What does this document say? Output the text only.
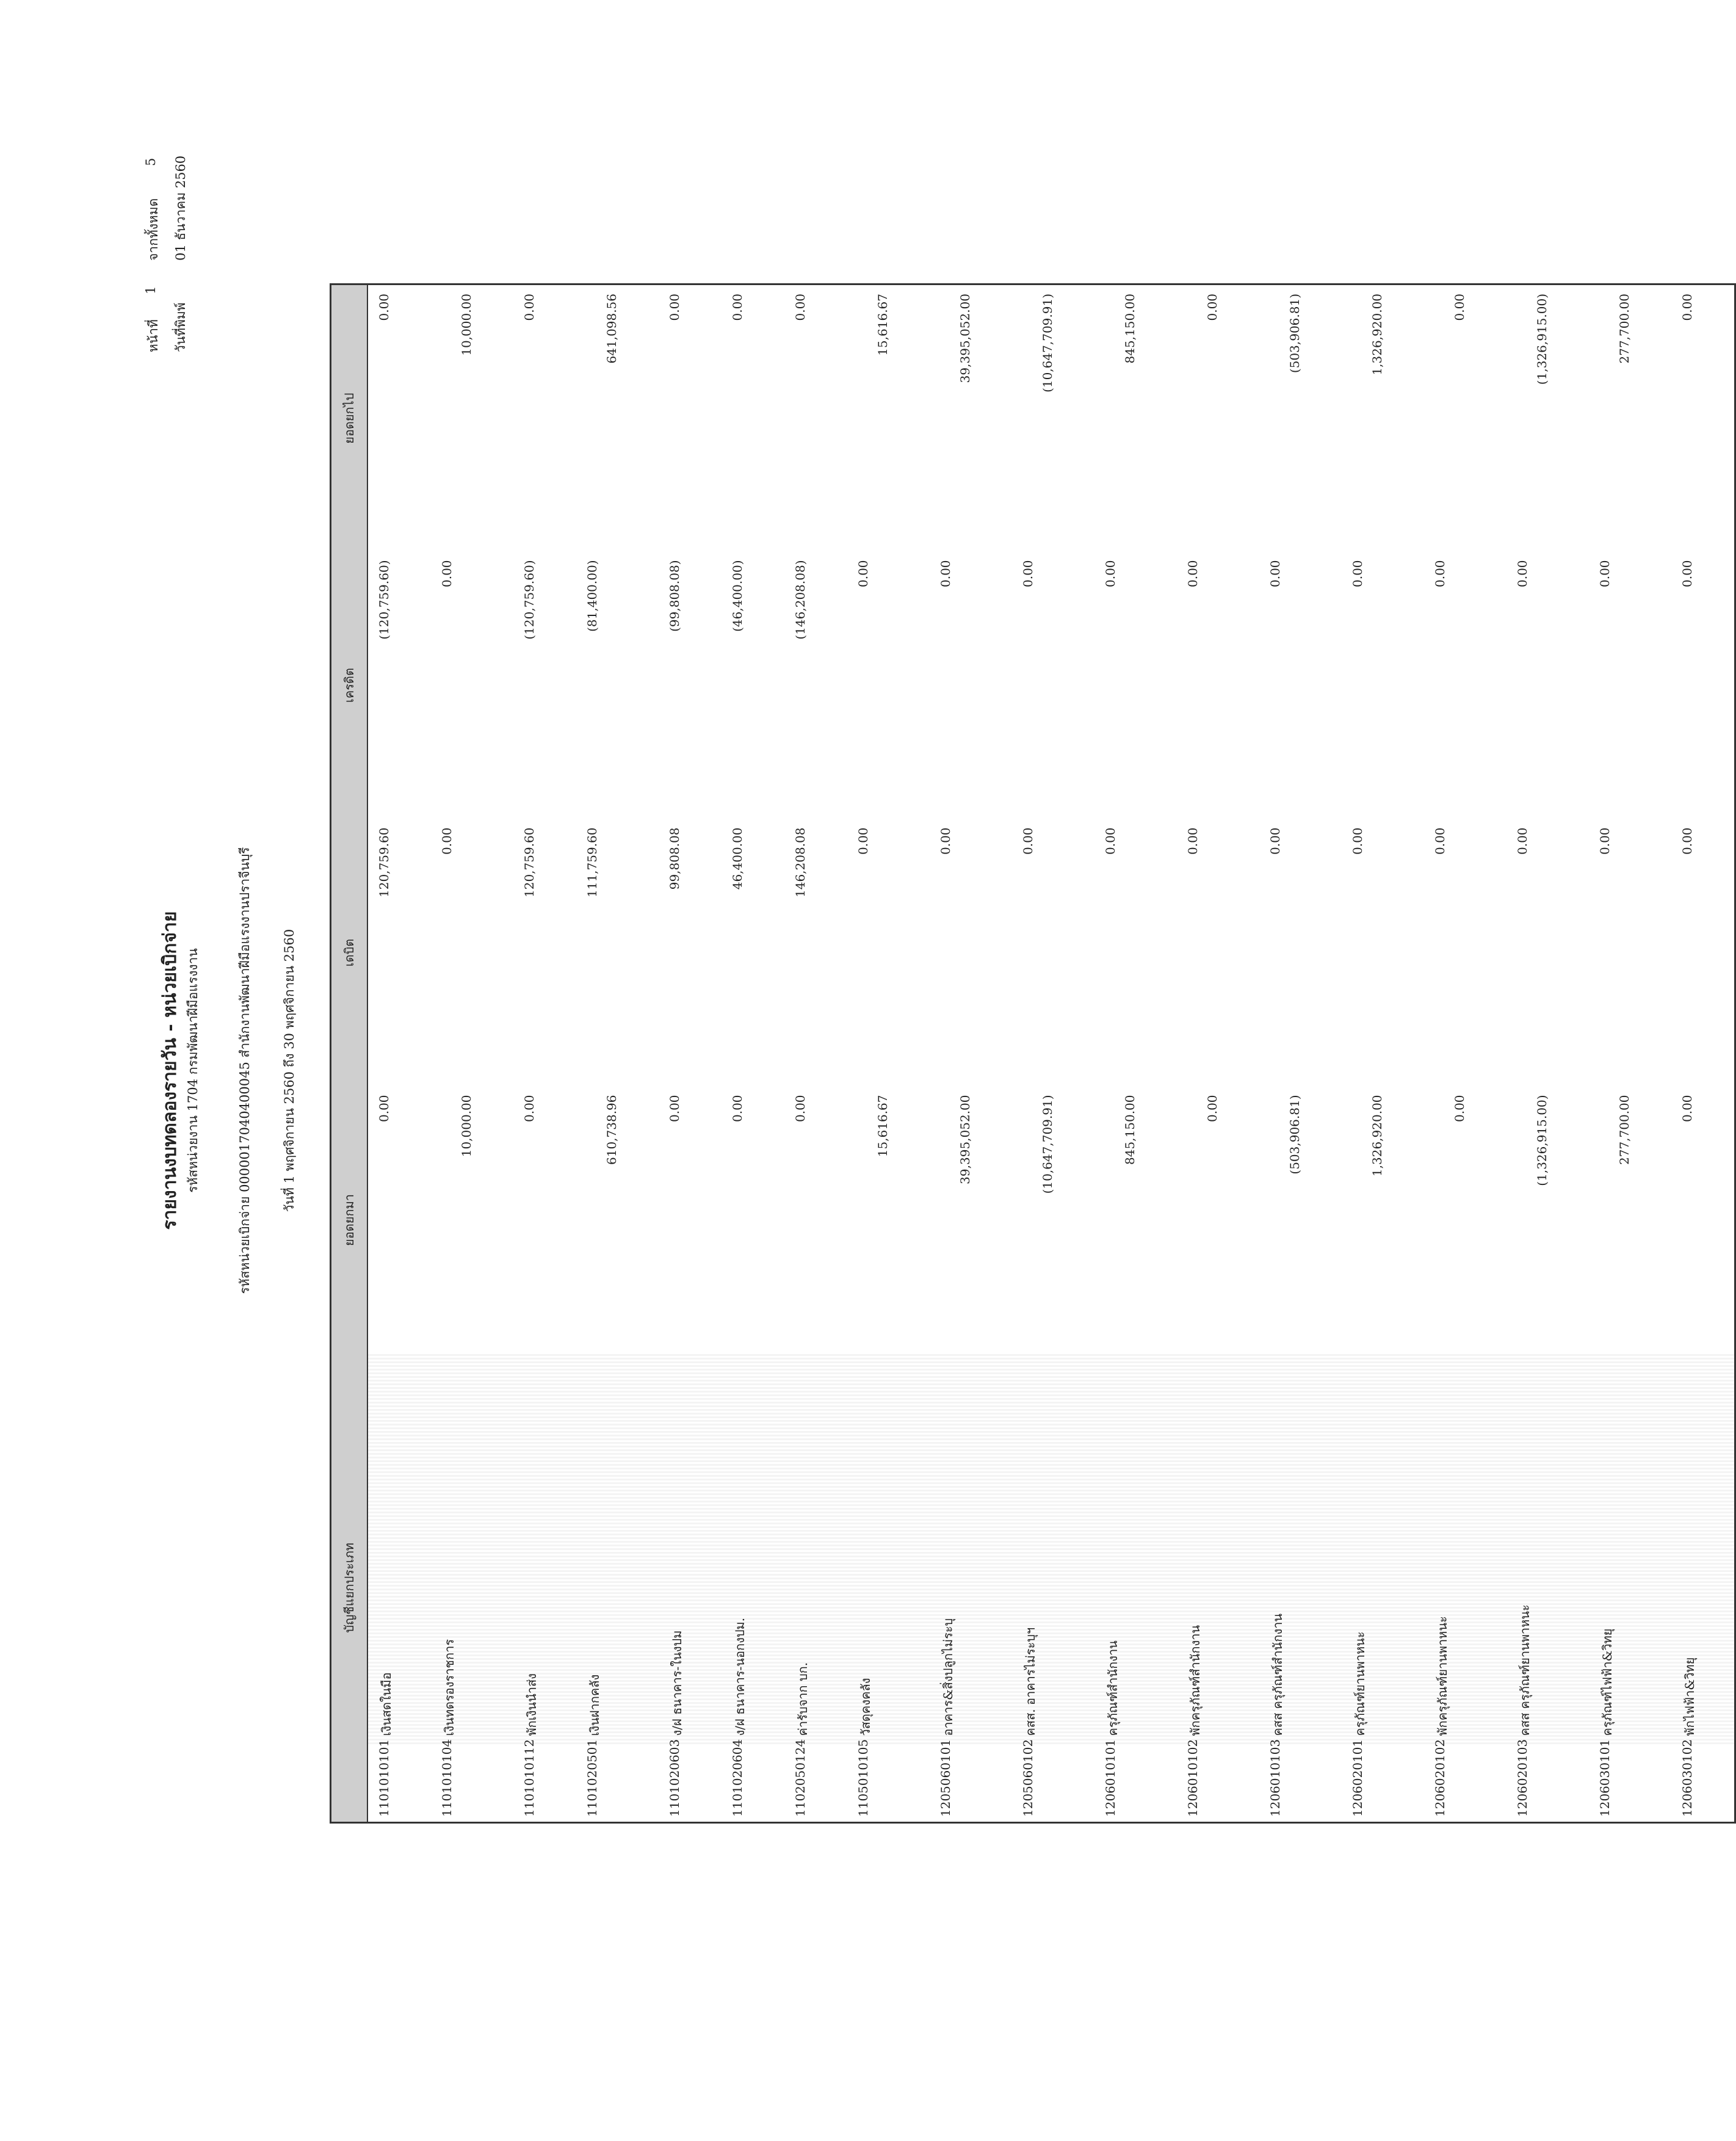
รายงานงบทดลองรายวัน - หน่วยเบิกจ่าย รหัสหน่วยงาน 1704 กรมพัฒนาฝีมือแรงงาน	รหัสหน่วยเบิกจ่าย 0000017040400045 สำนักงานพัฒนาฝีมือแรงงานปราจีนบุรี วันที่ 1 พฤศจิกายน 2560 ถึง 30 พฤศจิกายน 2560
หน้าที่
1
จากทั้งหมด
5
วันที่พิมพ์
01 ธันวาคม 2560
บัญชีแยกประเภท		ยอดยกมา	เดบิต	เครดิต	ยอดยกไป
1101010101	เงินสดในมือ	0.00	120,759.60	(120,759.60)	0.00
1101010104	เงินทดรองราชการ	10,000.00	0.00	0.00	10,000.00
1101010112	พักเงินนำส่ง	0.00	120,759.60	(120,759.60)	0.00
1101020501	เงินฝากคลัง	610,738.96	111,759.60	(81,400.00)	641,098.56
1101020603	ง/ฝ ธนาคาร-ในงปม	0.00	99,808.08	(99,808.08)	0.00
1101020604	ง/ฝ ธนาคาร-นอกงปม.	0.00	46,400.00	(46,400.00)	0.00
1102050124	ค่ารับจาก บก.	0.00	146,208.08	(146,208.08)	0.00
1105010105	วัสดุคงคลัง	15,616.67	0.00	0.00	15,616.67
1205060101	อาคาร&สิ่งปลูกไม่ระบุ	39,395,052.00	0.00	0.00	39,395,052.00
1205060102	คสส. อาคารไม่ระบุฯ	(10,647,709.91)	0.00	0.00	(10,647,709.91)
1206010101	ครุภัณฑ์สำนักงาน	845,150.00	0.00	0.00	845,150.00
1206010102	พักครุภัณฑ์สำนักงาน	0.00	0.00	0.00	0.00
1206010103	คสส ครุภัณฑ์สำนักงาน	(503,906.81)	0.00	0.00	(503,906.81)
1206020101	ครุภัณฑ์ยานพาหนะ	1,326,920.00	0.00	0.00	1,326,920.00
1206020102	พักครุภัณฑ์ยานพาหนะ	0.00	0.00	0.00	0.00
1206020103	คสส ครุภัณฑ์ยานพาหนะ	(1,326,915.00)	0.00	0.00	(1,326,915.00)
1206030101	ครุภัณฑ์ไฟฟ้า&วิทยุ	277,700.00	0.00	0.00	277,700.00
1206030102	พักไฟฟ้า&วิทยุ	0.00	0.00	0.00	0.00
